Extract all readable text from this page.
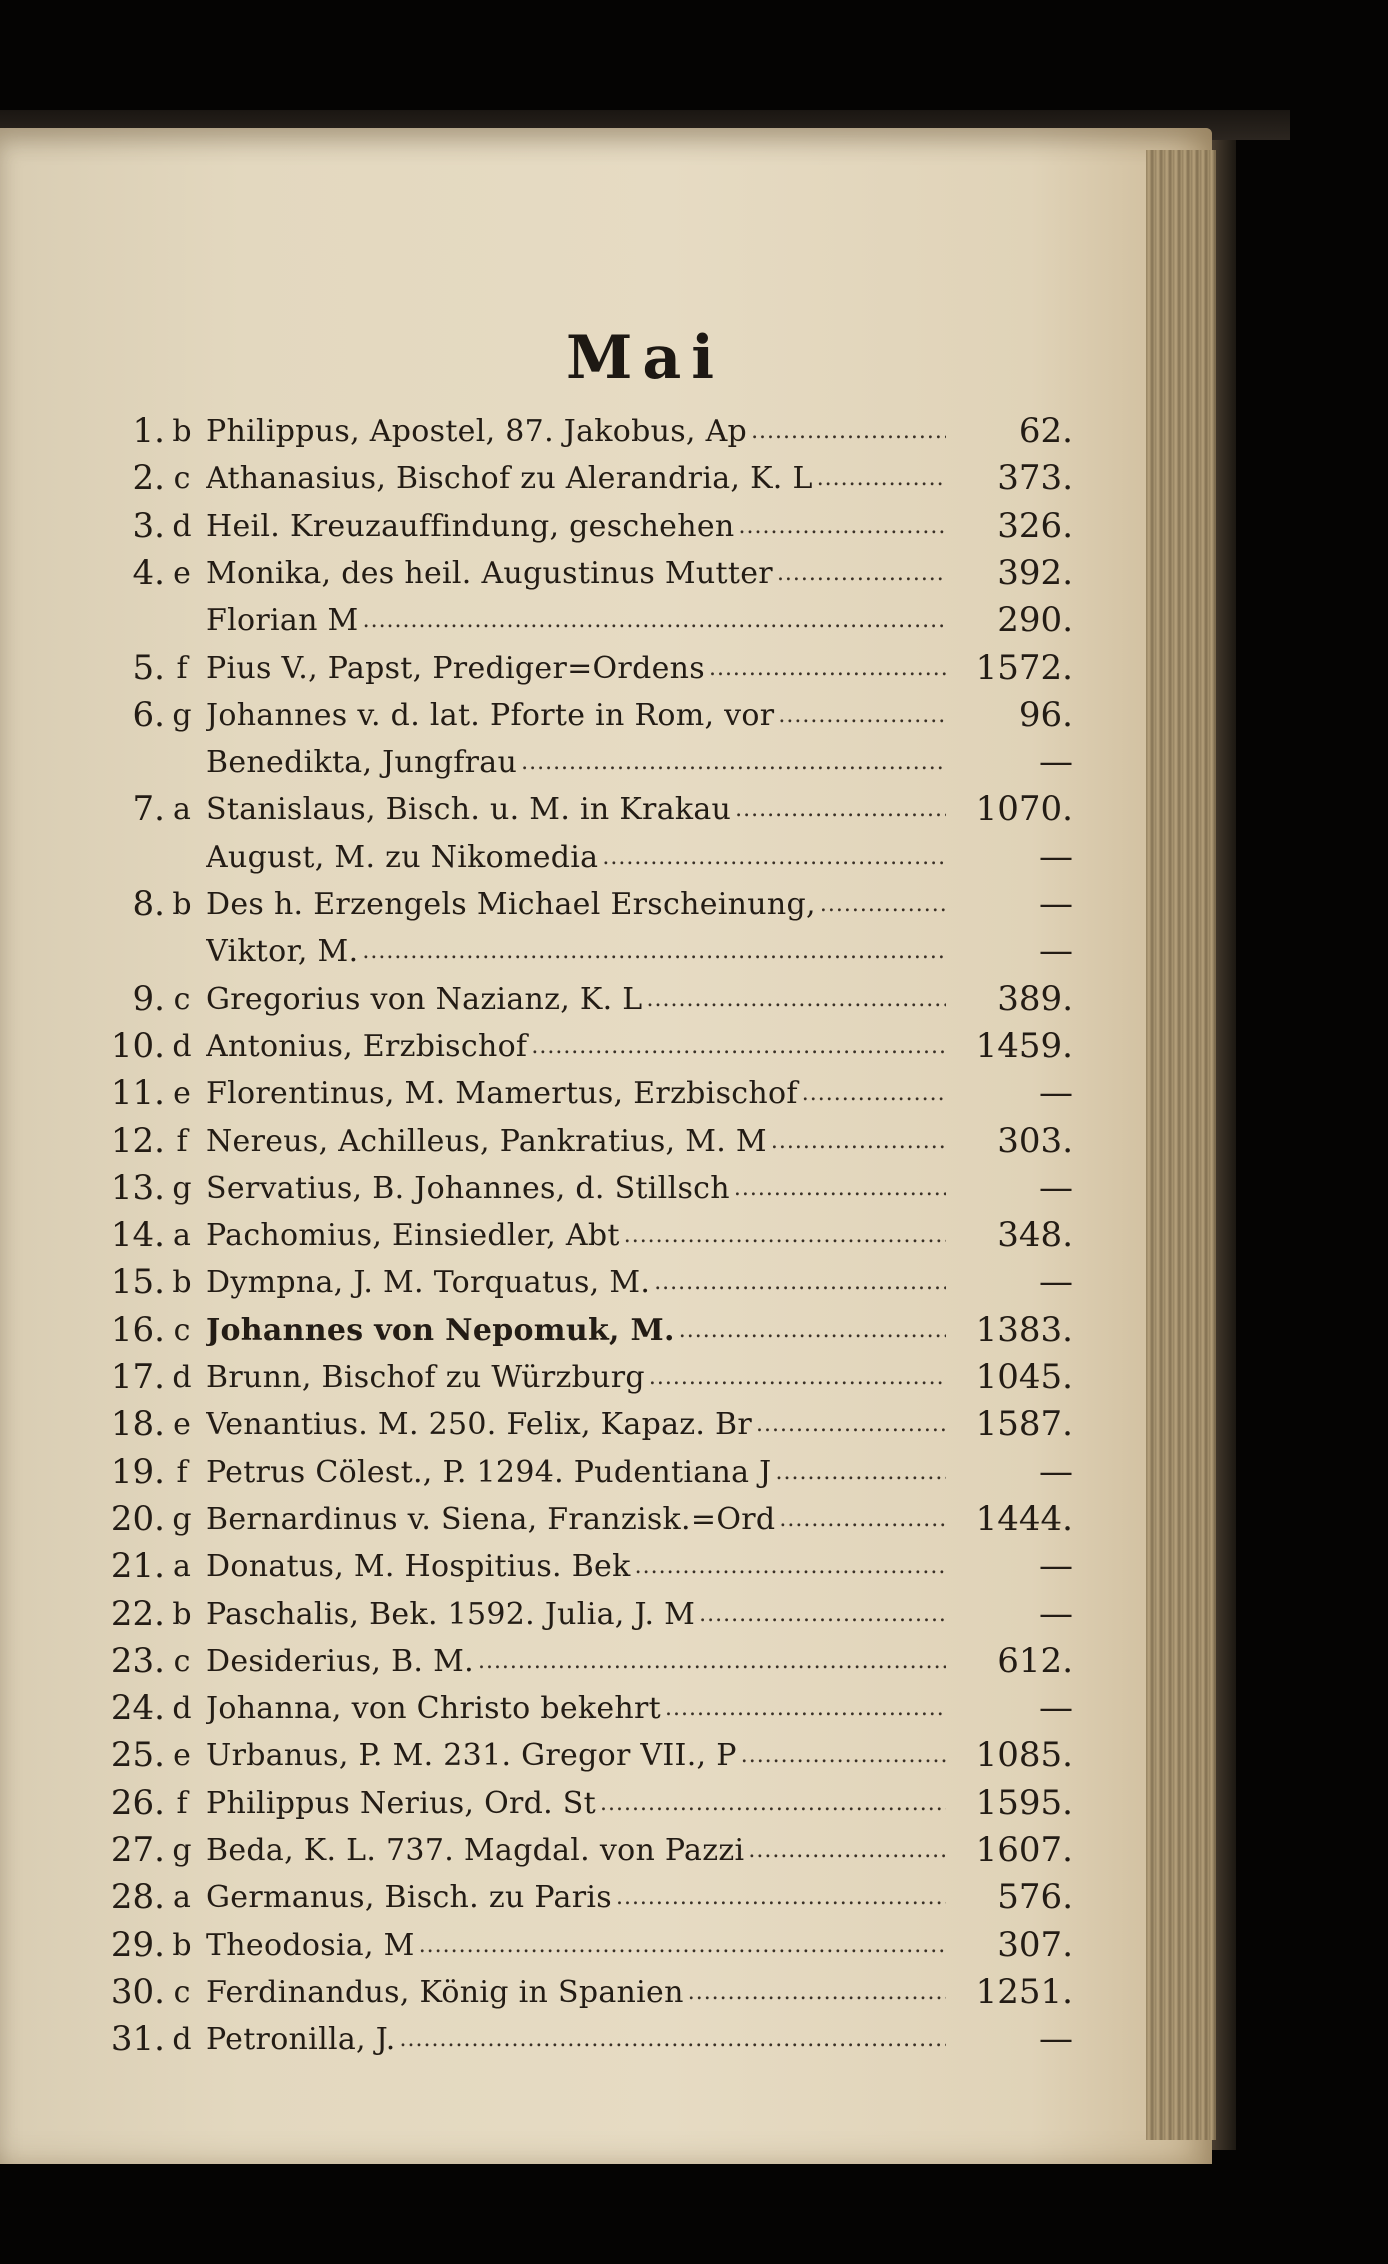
Mai
1. b Philippus, Apostel, 87. Jakobus, Ap .....	62.
2. c Athanasius, Bischof zu Alerandria, K. L .....	373.
3. d Heil. Kreuzauffindung, geschehen .....	326.
4. e Monika, des heil. Augustinus Mutter .....	392.
Florian M .....	290.
5. f Pius V., Papst, Prediger=Ordens .....	1572.
6. g Johannes v. d. lat. Pforte in Rom, vor .....	96.
Benedikta, Jungfrau .....	—
7. a Stanislaus, Bisch. u. M. in Krakau .....	1070.
August, M. zu Nikomedia .....	—
8. b Des h. Erzengels Michael Erscheinung, .....	—
Viktor, M. .....	—
9. c Gregorius von Nazianz, K. L .....	389.
10. d Antonius, Erzbischof .....	1459.
11. e Florentinus, M. Mamertus, Erzbischof .....	—
12. f Nereus, Achilleus, Pankratius, M. M .....	303.
13. g Servatius, B. Johannes, d. Stillsch .....	—
14. a Pachomius, Einsiedler, Abt .....	348.
15. b Dympna, J. M. Torquatus, M. .....	—
16. c Johannes von Nepomuk, M. .....	1383.
17. d Brunn, Bischof zu Würzburg .....	1045.
18. e Venantius. M. 250. Felix, Kapaz. Br .....	1587.
19. f Petrus Cölest., P. 1294. Pudentiana J .....	—
20. g Bernardinus v. Siena, Franzisk.=Ord .....	1444.
21. a Donatus, M. Hospitius. Bek .....	—
22. b Paschalis, Bek. 1592. Julia, J. M .....	—
23. c Desiderius, B. M. .....	612.
24. d Johanna, von Christo bekehrt .....	—
25. e Urbanus, P. M. 231. Gregor VII., P .....	1085.
26. f Philippus Nerius, Ord. St .....	1595.
27. g Beda, K. L. 737. Magdal. von Pazzi .....	1607.
28. a Germanus, Bisch. zu Paris .....	576.
29. b Theodosia, M .....	307.
30. c Ferdinandus, König in Spanien .....	1251.
31. d Petronilla, J. .....	—
